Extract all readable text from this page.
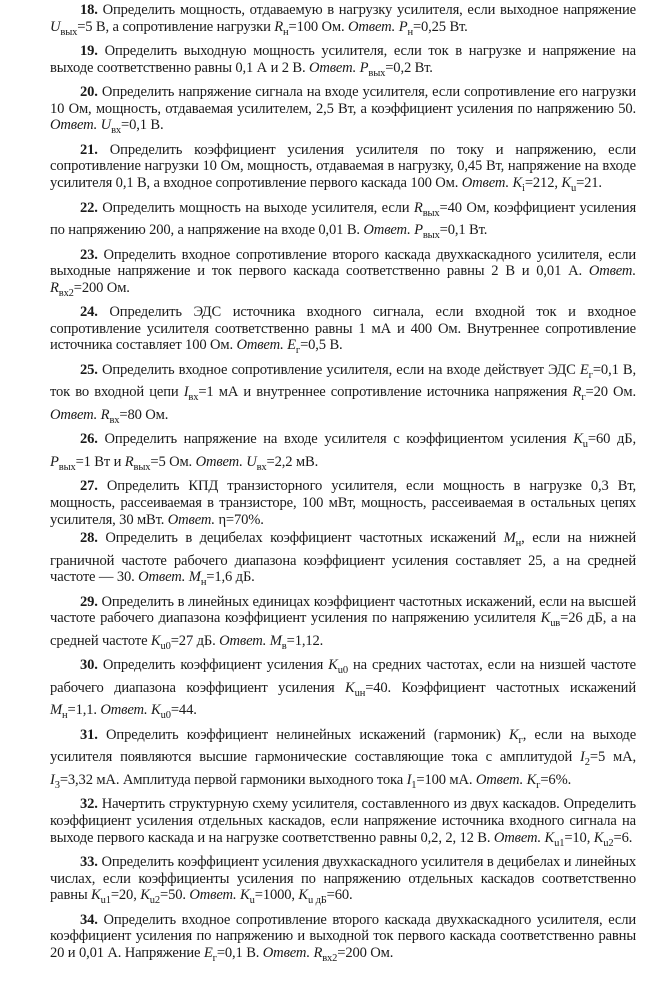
18. Определить мощность, отдаваемую в нагрузку усилителя, если выходное напряжение $U_{вых}=5$ В, а сопротивление нагрузки $R_н=100$ Ом. Ответ. $P_н=0,25$ Вт.

19. Определить выходную мощность усилителя, если ток в нагрузке и напряжение на выходе соответственно равны 0,1 А и 2 В. Ответ. $P_{вых}=0,2$ Вт.

20. Определить напряжение сигнала на входе усилителя, если сопротивление его нагрузки 10 Ом, мощность, отдаваемая усилителем, 2,5 Вт, а коэффициент усиления по напряжению 50. Ответ. $U_{вх}=0,1$ В.

21. Определить коэффициент усиления усилителя по току и напряжению, если сопротивление нагрузки 10 Ом, мощность, отдаваемая в нагрузку, 0,45 Вт, напряжение на входе усилителя 0,1 В, а входное сопротивление первого каскада 100 Ом. Ответ. $K_i=212$, $K_u=21$.

22. Определить мощность на выходе усилителя, если $R_{вых}=40$ Ом, коэффициент усиления по напряжению 200, а напряжение на входе 0,01 В. Ответ. $P_{вых}=0,1$ Вт.

23. Определить входное сопротивление второго каскада двухкаскадного усилителя, если выходные напряжение и ток первого каскада соответственно равны 2 В и 0,01 А. Ответ. $R_{вх2}=200$ Ом.

24. Определить ЭДС источника входного сигнала, если входной ток и входное сопротивление усилителя соответственно равны 1 мА и 400 Ом. Внутреннее сопротивление источника составляет 100 Ом. Ответ. $E_г=0,5$ В.

25. Определить входное сопротивление усилителя, если на входе действует ЭДС $E_г=0,1$ В, ток во входной цепи $I_{вх}=1$ мА и внутреннее сопротивление источника напряжения $R_г=20$ Ом. Ответ. $R_{вх}=80$ Ом.

26. Определить напряжение на входе усилителя с коэффициентом усиления $K_u=60$ дБ, $P_{вых}=1$ Вт и $R_{вых}=5$ Ом. Ответ. $U_{вх}=2,2$ мВ.

27. Определить КПД транзисторного усилителя, если мощность в нагрузке 0,3 Вт, мощность, рассеиваемая в транзисторе, 100 мВт, мощность, рассеиваемая в остальных цепях усилителя, 30 мВт. Ответ. η=70%.

28. Определить в децибелах коэффициент частотных искажений $M_н$, если на нижней граничной частоте рабочего диапазона коэффициент усиления составляет 25, а на средней частоте — 30. Ответ. $M_н=1,6$ дБ.

29. Определить в линейных единицах коэффициент частотных искажений, если на высшей частоте рабочего диапазона коэффициент усиления по напряжению усилителя $K_{uв}=26$ дБ, а на средней частоте $K_{u0}=27$ дБ. Ответ. $M_в=1,12$.

30. Определить коэффициент усиления $K_{u0}$ на средних частотах, если на низшей частоте рабочего диапазона коэффициент усиления $K_{uн}=40$. Коэффициент частотных искажений $M_н=1,1$. Ответ. $K_{u0}=44$.

31. Определить коэффициент нелинейных искажений (гармоник) $K_г$, если на выходе усилителя появляются высшие гармонические составляющие тока с амплитудой $I_2=5$ мА, $I_3=3,32$ мА. Амплитуда первой гармоники выходного тока $I_1=100$ мА. Ответ. $K_г=6\%$.

32. Начертить структурную схему усилителя, составленного из двух каскадов. Определить коэффициент усиления отдельных каскадов, если напряжение источника входного сигнала на выходе первого каскада и на нагрузке соответственно равны 0,2, 2, 12 В. Ответ. $K_{u1}=10$, $K_{u2}=6$.

33. Определить коэффициент усиления двухкаскадного усилителя в децибелах и линейных числах, если коэффициенты усиления по напряжению отдельных каскадов соответственно равны $K_{u1}=20$, $K_{u2}=50$. Ответ. $K_u=1000$, $K_{u дБ}=60$.

34. Определить входное сопротивление второго каскада двухкаскадного усилителя, если коэффициент усиления по напряжению и выходной ток первого каскада соответственно равны 20 и 0,01 А. Напряжение $E_г=0,1$ В. Ответ. $R_{вх2}=200$ Ом.
